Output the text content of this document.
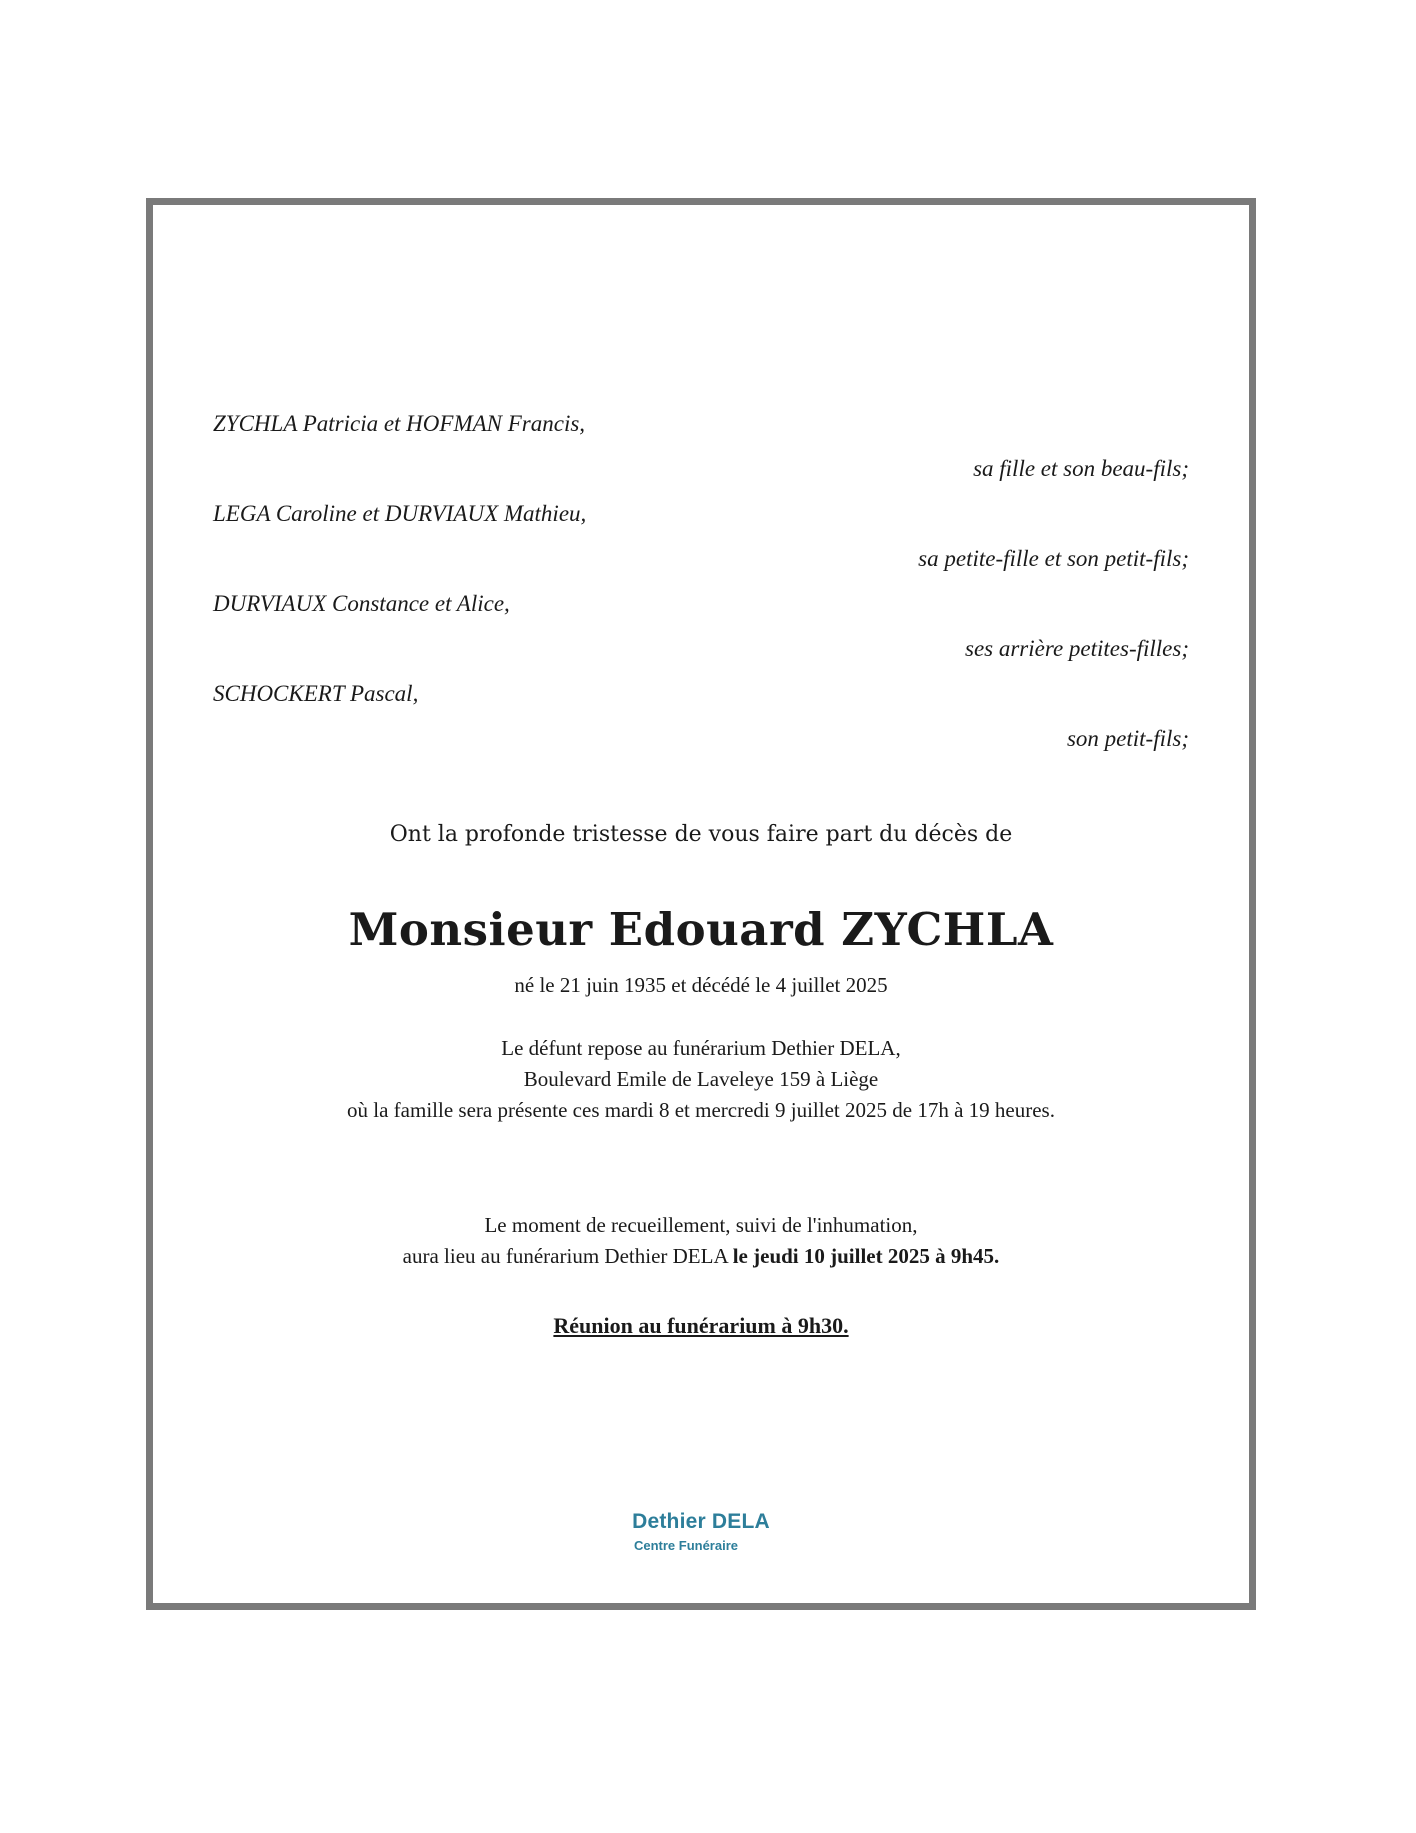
ZYCHLA Patricia et HOFMAN Francis,
sa fille et son beau-fils;
LEGA Caroline et DURVIAUX Mathieu,
sa petite-fille et son petit-fils;
DURVIAUX Constance et Alice,
ses arrière petites-filles;
SCHOCKERT Pascal,
son petit-fils;
Ont la profonde tristesse de vous faire part du décès de
Monsieur Edouard ZYCHLA
né le 21 juin 1935 et décédé le 4 juillet 2025
Le défunt repose au funérarium Dethier DELA,
Boulevard Emile de Laveleye 159 à Liège
où la famille sera présente ces mardi 8 et mercredi 9 juillet 2025 de 17h à 19 heures.
Le moment de recueillement, suivi de l'inhumation,
aura lieu au funérarium Dethier DELA le jeudi 10 juillet 2025 à 9h45.
Réunion au funérarium à 9h30.
Dethier DELA
Centre Funéraire
